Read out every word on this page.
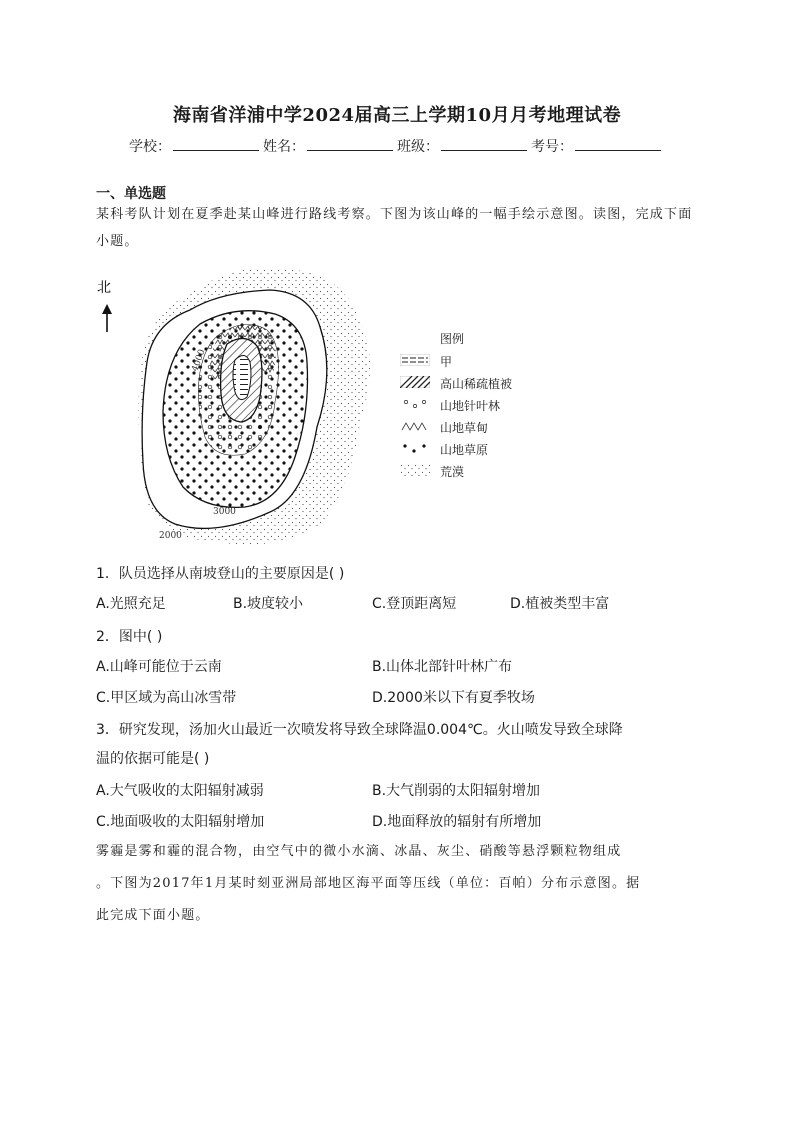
海南省洋浦中学2024届高三上学期10月月考地理试卷
学校：	姓名：	班级：	考号：
一、单选题
某科考队计划在夏季赴某山峰进行路线考察。下图为该山峰的一幅手绘示意图。读图，完成下面小题。
北
4000
3000
2000
图例
甲
高山稀疏植被
山地针叶林
山地草甸
山地草原
荒漠
1．队员选择从南坡登山的主要原因是( )
A.光照充足	B.坡度较小	C.登顶距离短	D.植被类型丰富
2．图中( )
A.山峰可能位于云南	B.山体北部针叶林广布
C.甲区域为高山冰雪带	D.2000米以下有夏季牧场
3．研究发现，汤加火山最近一次喷发将导致全球降温0.004℃。火山喷发导致全球降
温的依据可能是( )
A.大气吸收的太阳辐射减弱	B.大气削弱的太阳辐射增加
C.地面吸收的太阳辐射增加	D.地面释放的辐射有所增加
雾霾是雾和霾的混合物，由空气中的微小水滴、冰晶、灰尘、硝酸等悬浮颗粒物组成
。下图为2017年1月某时刻亚洲局部地区海平面等压线（单位：百帕）分布示意图。据
此完成下面小题。
